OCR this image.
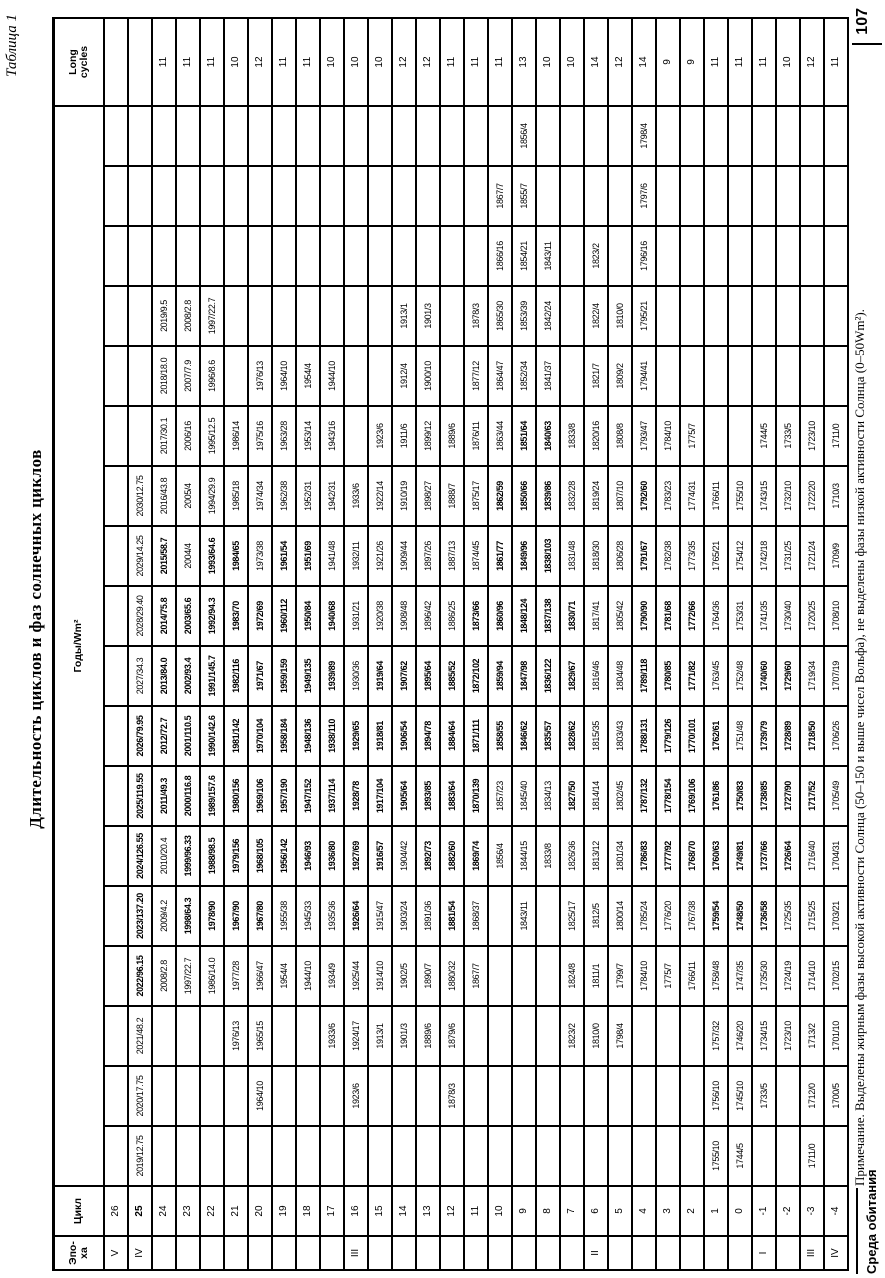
Таблица 1
Длительность циклов и фаз солнечных циклов
Эпо-
ха	Цикл	Годы/Wm²																		Long
cycles
V	26																			
IV	25	2019/12.75	2020/17.75	2021/48.2	2022/96.15	2023/137.20	2024/126.55	2025/119.55	2026/79.95	2027/34.3	2028/29.40	2029/14.25	2030/12.75							
	24				2008/2.8	2009/4.2	2010/20.4	2011/49.3	2012/72.7	2013/84.0	2014/75.8	2015/58.7	2016/43.8	2017/30.1	2018/18.0	2019/9.5				11
	23				1997/22.7	1998/64.3	1999/96.33	2000/116.8	2001/110.5	2002/93.4	2003/65.6	2004/4	2005/4	2006/16	2007/7.9	2008/2.8				11
	22				1986/14.0	1978/90	1988/98.5	1989/157.6	1990/142.6	1991/145.7	1992/94.3	1993/64.6	1994/29.9	1995/12.5	1996/8.6	1997/22.7				11
	21			1976/13	1977/28	1967/90	1979/156	1980/156	1981/142	1982/116	1983/70	1984/65	1985/18	1986/14						10
	20		1964/10	1965/15	1966/47	1967/80	1968/105	1969/106	1970/104	1971/67	1972/69	1973/38	1974/34	1975/16	1976/13					12
	19				1954/4	1955/38	1956/142	1957/190	1958/184	1959/159	1960/112	1961/54	1962/38	1963/28	1964/10					11
	18				1944/10	1945/33	1946/93	1947/152	1948/136	1949/135	1950/84	1951/69	1952/31	1953/14	1954/4					11
	17			1933/6	1934/9	1935/36	1936/80	1937/114	1938/110	1939/89	1940/68	1941/48	1942/31	1943/16	1944/10					10
III	16		1923/6	1924/17	1925/44	1926/64	1927/69	1928/78	1929/65	1930/36	1931/21	1932/11	1933/6							10
	15			1913/1	1914/10	1915/47	1916/57	1917/104	1918/81	1919/64	1920/38	1921/26	1922/14	1923/6						10
	14			1901/3	1902/5	1903/24	1904/42	1905/64	1906/54	1907/62	1908/48	1909/44	1910/19	1911/6	1912/4	1913/1				12
	13			1889/6	1890/7	1891/36	1892/73	1893/85	1894/78	1895/64	1896/42	1897/26	1898/27	1899/12	1900/10	1901/3				12
	12		1878/3	1879/6	1880/32	1881/54	1882/60	1883/64	1884/64	1885/52	1886/25	1887/13	1888/7	1889/6						11
	11				1867/7	1868/37	1869/74	1870/139	1871/111	1872/102	1873/66	1874/45	1875/17	1876/11	1877/12	1878/3				11
	10						1856/4	1857/23	1858/55	1859/94	1860/96	1861/77	1862/59	1863/44	1864/47	1865/30	1866/16	1867/7		11
	9					1843/11	1844/15	1845/40	1846/62	1847/98	1848/124	1849/96	1850/66	1851/64	1852/34	1853/39	1854/21	1855/7	1856/4	13
	8						1833/8	1834/13	1835/57	1836/122	1837/138	1838/103	1839/86	1840/63	1841/37	1842/24	1843/11			10
	7			1823/2	1824/8	1825/17	1826/36	1827/50	1828/62	1829/67	1830/71	1831/48	1832/28	1833/8						10
II	6			1810/0	1811/1	1812/5	1813/12	1814/14	1815/35	1816/46	1817/41	1818/30	1819/24	1820/16	1821/7	1822/4	1823/2			14
	5			1798/4	1799/7	1800/14	1801/34	1802/45	1803/43	1804/48	1805/42	1806/28	1807/10	1808/8	1809/2	1810/0				12
	4				1784/10	1785/24	1786/83	1787/132	1788/131	1789/118	1790/90	1791/67	1792/60	1793/47	1794/41	1795/21	1796/16	1797/6	1798/4	14
	3				1775/7	1776/20	1777/92	1778/154	1779/126	1780/85	1781/68	1782/38	1783/23	1784/10						9
	2				1766/11	1767/38	1768/70	1769/106	1770/101	1771/82	1772/66	1773/35	1774/31	1775/7						9
	1	1755/10	1756/10	1757/32	1758/48	1759/54	1760/63	1761/86	1762/61	1763/45	1764/36	1765/21	1766/11							11
	0	1744/5	1745/10	1746/20	1747/35	1748/50	1749/81	1750/83	1751/48	1752/48	1753/31	1754/12	1755/10							11
I	-1		1733/5	1734/15	1735/30	1736/58	1737/66	1738/85	1739/79	1740/60	1741/35	1742/18	1743/15	1744/5						11
	-2			1723/10	1724/19	1725/35	1726/64	1727/90	1728/89	1729/60	1730/40	1731/25	1732/10	1733/5						10
III	-3	1711/0	1712/0	1713/2	1714/10	1715/25	1716/40	1717/52	1718/50	1719/34	1720/25	1721/24	1722/20	1723/10						12
IV	-4		1700/5	1701/10	1702/15	1703/21	1704/31	1705/49	1706/26	1707/19	1708/10	1709/9	1710/3	1711/0						11
Примечание. Выделены жирным фазы высокой активности Солнца (50–150 и выше чисел Вольфа), не выделены фазы низкой активности Солнца (0–50Wm²).
Среда обитания
107
